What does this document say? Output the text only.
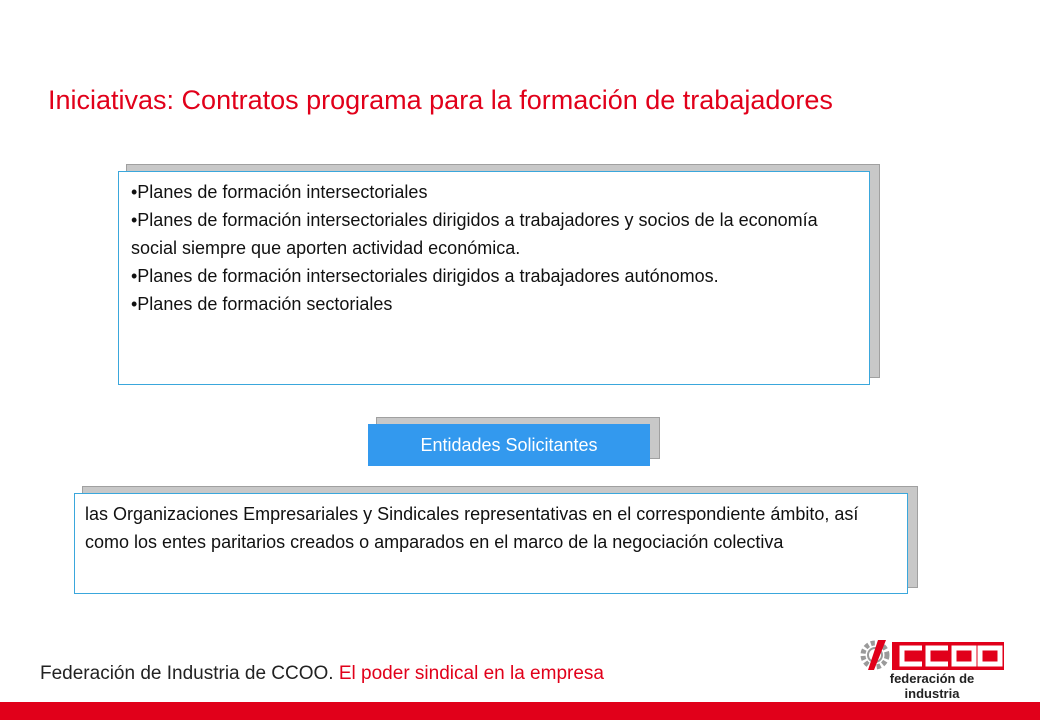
Iniciativas: Contratos programa para la formación de trabajadores
•Planes de formación intersectoriales
•Planes de formación intersectoriales dirigidos a trabajadores y socios de la economía social siempre que aporten actividad económica.
•Planes de formación intersectoriales dirigidos a trabajadores autónomos.
•Planes de formación sectoriales
Entidades Solicitantes
las Organizaciones Empresariales y Sindicales representativas en el correspondiente ámbito, así como los entes paritarios creados o amparados en el marco de la negociación colectiva
Federación de Industria de CCOO. El poder sindical en la empresa	CCOO
federación de industria
